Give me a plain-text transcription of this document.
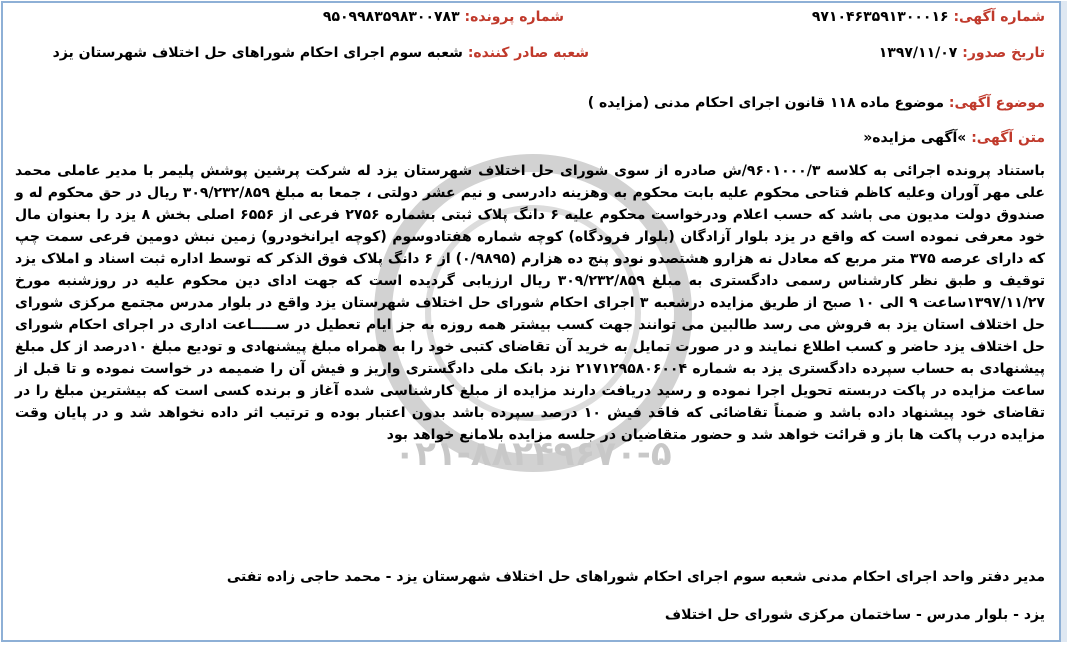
شماره آگهی: ۹۷۱۰۴۶۳۵۹۱۳۰۰۰۱۶
شماره پرونده: ۹۵۰۹۹۸۳۵۹۸۳۰۰۷۸۳
تاریخ صدور: ۱۳۹۷/۱۱/۰۷
شعبه صادر کننده: شعبه سوم اجرای احکام شوراهای حل اختلاف شهرستان یزد
موضوع آگهی: موضوع ماده ۱۱۸ قانون اجرای احکام مدنی (مزایده )
متن آگهی: »آگهی مزایده«
۰۲۱-۸۸۲۴۹۶۷۰-۵

باستناد پرونده اجرائی به کلاسه ۹۶۰۱۰۰۰/۳/ش صادره از سوی شورای حل اختلاف شهرستان یزد له شرکت پرشین پوشش پلیمر با مدیر عاملی محمد علی مهر آوران وعلیه کاظم فتاحی محکوم علیه بابت محکوم به وهزینه دادرسی و نیم عشر دولتی ، جمعا به مبلغ ۳۰۹/۲۳۲/۸۵۹ ریال در حق محکوم له و صندوق دولت مدیون می باشد که حسب اعلام ودرخواست محکوم علیه ۶ دانگ پلاک ثبتی بشماره ۲۷۵۶ فرعی از ۶۵۵۶ اصلی بخش ۸ یزد را بعنوان مال خود معرفی نموده است که واقع در یزد بلوار آزادگان (بلوار فرودگاه) کوچه شماره هفتادوسوم (کوچه ایرانخودرو) زمین نبش دومین فرعی سمت چپ که دارای عرصه ۳۷۵ متر مربع که معادل نه هزارو هشتصدو نودو پنج ده هزارم (۰/۹۸۹۵) از ۶ دانگ پلاک فوق الذکر که توسط اداره ثبت اسناد و املاک یزد توقیف و طبق نظر کارشناس رسمی دادگستری به مبلغ ۳۰۹/۲۳۲/۸۵۹ ریال ارزیابی گردیده است که جهت ادای دین محکوم علیه در روزشنبه مورخ ۱۳۹۷/۱۱/۲۷ساعت ۹ الی ۱۰ صبح از طریق مزایده درشعبه ۳ اجرای احکام شورای حل اختلاف شهرستان یزد واقع در بلوار مدرس مجتمع مرکزی شورای حل اختلاف استان یزد به فروش می رسد طالبین می توانند جهت کسب بیشتر همه روزه به جز ایام تعطیل در ســـــاعت اداری در اجرای احکام شورای حل اختلاف یزد حاضر و کسب اطلاع نمایند و در صورت تمایل به خرید آن تقاضای کتبی خود را به همراه مبلغ پیشنهادی و تودیع مبلغ ۱۰درصد از کل مبلغ پیشنهادی به حساب سپرده دادگستری یزد به شماره ۲۱۷۱۲۹۵۸۰۶۰۰۴ نزد بانک ملی دادگستری واریز و فیش آن را ضمیمه در خواست نموده و تا قبل از ساعت مزایده در پاکت دربسته تحویل اجرا نموده و رسید دریافت دارند مزایده از مبلغ کارشناسی شده آغاز و برنده کسی است که بیشترین مبلغ را در تقاضای خود پیشنهاد داده باشد و ضمناً تقاضائی که فاقد فیش ۱۰ درصد سپرده باشد بدون اعتبار بوده و ترتیب اثر داده نخواهد شد و در پایان وقت مزایده درب پاکت ها باز و قرائت خواهد شد و حضور متقاضیان در جلسه مزایده بلامانع خواهد بود

مدیر دفتر واحد اجرای احکام مدنی شعبه سوم اجرای احکام شوراهای حل اختلاف شهرستان یزد - محمد حاجی زاده تفتی
یزد - بلوار مدرس - ساختمان مرکزی شورای حل اختلاف
